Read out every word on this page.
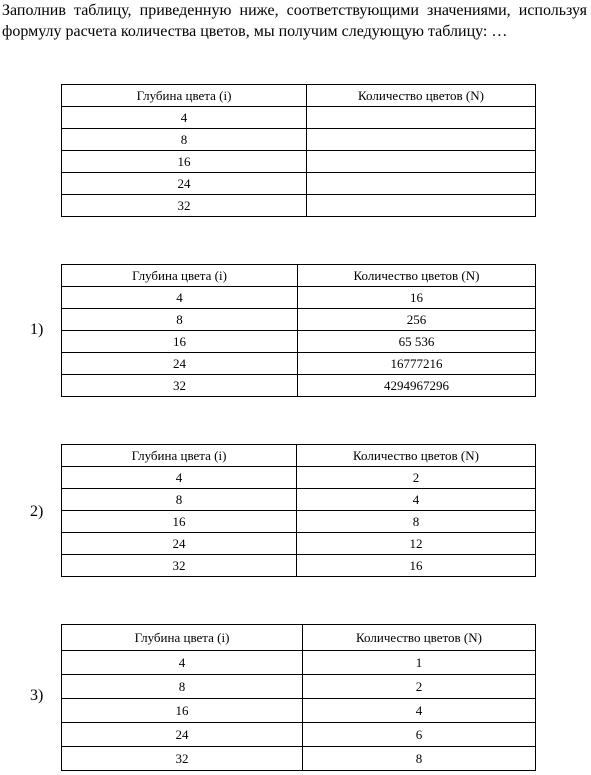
Заполнив таблицу, приведенную ниже, соответствующими значениями, используя формулу расчета количества цветов, мы получим следующую таблицу: …
Глубина цвета (i)	Количество цветов (N)
4	
8	
16	
24	
32	
1)
Глубина цвета (i)	Количество цветов (N)
4	16
8	256
16	65 536
24	16777216
32	4294967296
2)
Глубина цвета (i)	Количество цветов (N)
4	2
8	4
16	8
24	12
32	16
3)
Глубина цвета (i)	Количество цветов (N)
4	1
8	2
16	4
24	6
32	8
